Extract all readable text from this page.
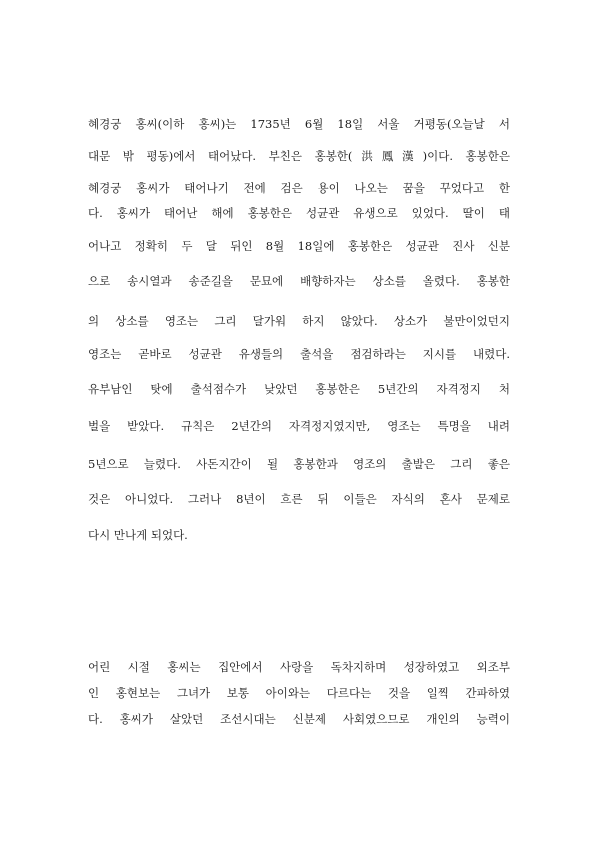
혜경궁 홍씨(이하 홍씨)는 1735년 6월 18일 서울 거평동(오늘날 서
대문 밖 평동)에서 태어났다. 부친은 홍봉한(洪鳳漢)이다. 홍봉한은
혜경궁 홍씨가 태어나기 전에 검은 용이 나오는 꿈을 꾸었다고 한
다. 홍씨가 태어난 해에 홍봉한은 성균관 유생으로 있었다. 딸이 태
어나고 정확히 두 달 뒤인 8월 18일에 홍봉한은 성균관 진사 신분
으로 송시열과 송준길을 문묘에 배향하자는 상소를 올렸다. 홍봉한
의 상소를 영조는 그리 달가워 하지 않았다. 상소가 불만이었던지
영조는 곧바로 성균관 유생들의 출석을 점검하라는 지시를 내렸다.
유부남인 탓에 출석점수가 낮았던 홍봉한은 5년간의 자격정지 처
벌을 받았다. 규칙은 2년간의 자격정지였지만, 영조는 특명을 내려
5년으로 늘렸다. 사돈지간이 될 홍봉한과 영조의 출발은 그리 좋은
것은 아니었다. 그러나 8년이 흐른 뒤 이들은 자식의 혼사 문제로
다시 만나게 되었다.
어린 시절 홍씨는 집안에서 사랑을 독차지하며 성장하였고 외조부
인 홍현보는 그녀가 보통 아이와는 다르다는 것을 일찍 간파하였
다. 홍씨가 살았던 조선시대는 신분제 사회였으므로 개인의 능력이
